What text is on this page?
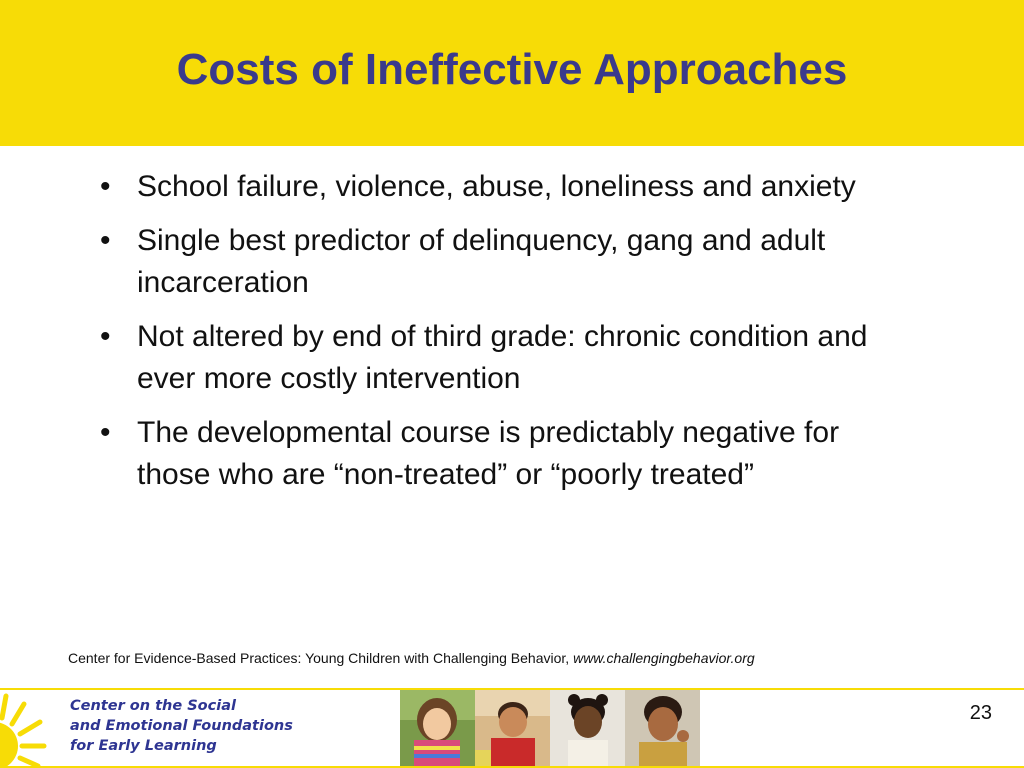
Costs of Ineffective Approaches
• School failure, violence, abuse, loneliness and anxiety
• Single best predictor of delinquency, gang and adult incarceration
• Not altered by end of third grade: chronic condition and ever more costly intervention
• The developmental course is predictably negative for those who are “non-treated” or “poorly treated”
Center for Evidence-Based Practices: Young Children with Challenging Behavior, www.challengingbehavior.org
Center on the Social
and Emotional Foundations
for Early Learning
23
